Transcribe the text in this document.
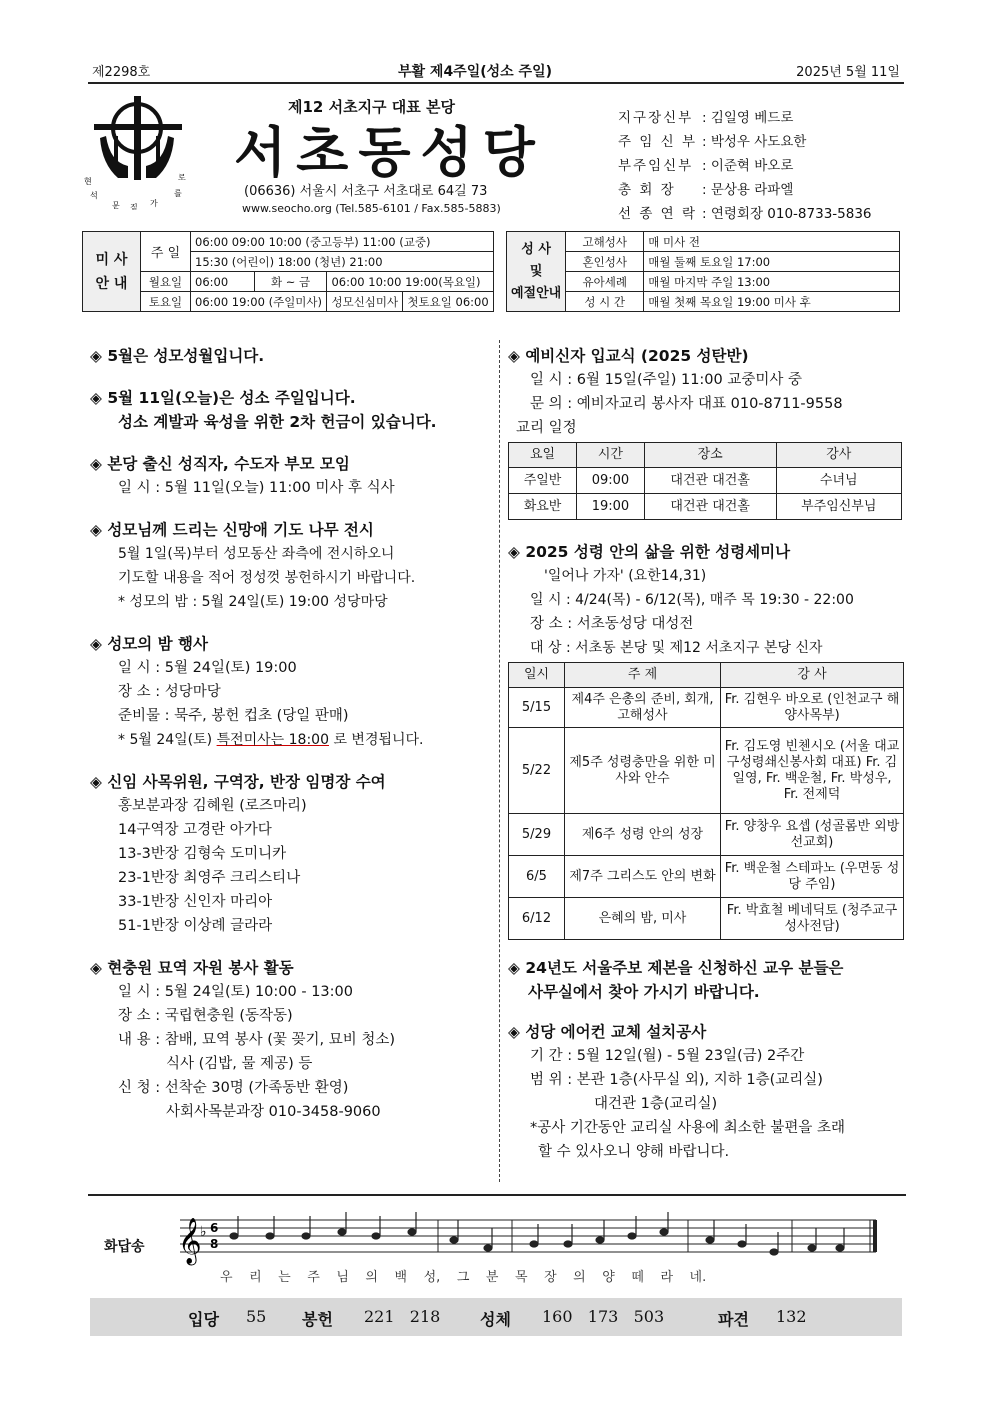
제2298호	부활 제4주일(성소 주일)	2025년 5월 11일
현	로
석	를
문	가
짙
제12 서초지구 대표 본당
서초동성당
(06636) 서울시 서초구 서초대로 64길 73
www.seocho.org (Tel.585-6101 / Fax.585-5883)
지구장신부 : 김일영 베드로
주 임 신 부 : 박성우 사도요한
부주임신부 : 이준혁 바오로
총 회 장 : 문상용 라파엘
선 종 연 락 : 연령회장 010-8733-5836
미 사
안 내	주 일	06:00 09:00 10:00 (중고등부) 11:00 (교중)			
		15:30 (어린이) 18:00 (청년) 21:00			
	월요일	06:00	화 ~ 금	06:00 10:00 19:00(목요일)	
	토요일	06:00 19:00 (주일미사)		성모신심미사	첫토요일 06:00
성 사
및
예절안내	고해성사	매 미사 전
	혼인성사	매월 둘째 토요일 17:00
	유아세례	매월 마지막 주일 13:00
	성 시 간	매월 첫째 목요일 19:00 미사 후
◈ 5월은 성모성월입니다.
◈ 5월 11일(오늘)은 성소 주일입니다.
성소 계발과 육성을 위한 2차 헌금이 있습니다.
◈ 본당 출신 성직자, 수도자 부모 모임
일 시 : 5월 11일(오늘) 11:00 미사 후 식사
◈ 성모님께 드리는 신망애 기도 나무 전시
5월 1일(목)부터 성모동산 좌측에 전시하오니
기도할 내용을 적어 정성껏 봉헌하시기 바랍니다.
* 성모의 밤 : 5월 24일(토) 19:00 성당마당
◈ 성모의 밤 행사
일 시 : 5월 24일(토) 19:00
장 소 : 성당마당
준비물 : 묵주, 봉헌 컵초 (당일 판매)
* 5월 24일(토) 특전미사는 18:00 로 변경됩니다.
◈ 신임 사목위원, 구역장, 반장 임명장 수여
홍보분과장 김혜원 (로즈마리)
14구역장 고경란 아가다
13-3반장 김형숙 도미니카
23-1반장 최영주 크리스티나
33-1반장 신인자 마리아
51-1반장 이상례 글라라
◈ 현충원 묘역 자원 봉사 활동
일 시 : 5월 24일(토) 10:00 - 13:00
장 소 : 국립현충원 (동작동)
내 용 : 참배, 묘역 봉사 (꽃 꽂기, 묘비 청소)
식사 (김밥, 물 제공) 등
신 청 : 선착순 30명 (가족동반 환영)
사회사목분과장 010-3458-9060
◈ 예비신자 입교식 (2025 성탄반)
일 시 : 6월 15일(주일) 11:00 교중미사 중
문 의 : 예비자교리 봉사자 대표 010-8711-9558
교리 일정
요일	시간	장소	강사
주일반	09:00	대건관 대건홀	수녀님
화요반	19:00	대건관 대건홀	부주임신부님
◈ 2025 성령 안의 삶을 위한 성령세미나
'일어나 가자' (요한14,31)
일 시 : 4/24(목) - 6/12(목), 매주 목 19:30 - 22:00
장 소 : 서초동성당 대성전
대 상 : 서초동 본당 및 제12 서초지구 본당 신자
일시	주 제	강 사
5/15	제4주 은총의 준비, 회개, 고해성사	Fr. 김현우 바오로 (인천교구 해양사목부)
5/22	제5주 성령충만을 위한 미사와 안수	Fr. 김도영 빈첸시오 (서울 대교구성령쇄신봉사회 대표) Fr. 김일영, Fr. 백운철, Fr. 박성우, Fr. 전제덕
5/29	제6주 성령 안의 성장	Fr. 양창우 요셉 (성골롬반 외방선교회)
6/5	제7주 그리스도 안의 변화	Fr. 백운철 스테파노 (우면동 성당 주임)
6/12	은혜의 밤, 미사	Fr. 박효철 베네딕토 (청주교구 성사전담)
◈ 24년도 서울주보 제본을 신청하신 교우 분들은
사무실에서 찾아 가시기 바랍니다.
◈ 성당 에어컨 교체 설치공사
기 간 : 5월 12일(월) - 5월 23일(금) 2주간
범 위 : 본관 1층(사무실 외), 지하 1층(교리실)
대건관 1층(교리실)
*공사 기간동안 교리실 사용에 최소한 불편을 초래
할 수 있사오니 양해 바랍니다.
화답송 𝄞
♭ 6
8
우    리    는    주    님    의    백    성,    그    분    목    장    의    양    떼    라    네.
입당 55 봉헌 221   218 성체 160   173   503	파견 132
